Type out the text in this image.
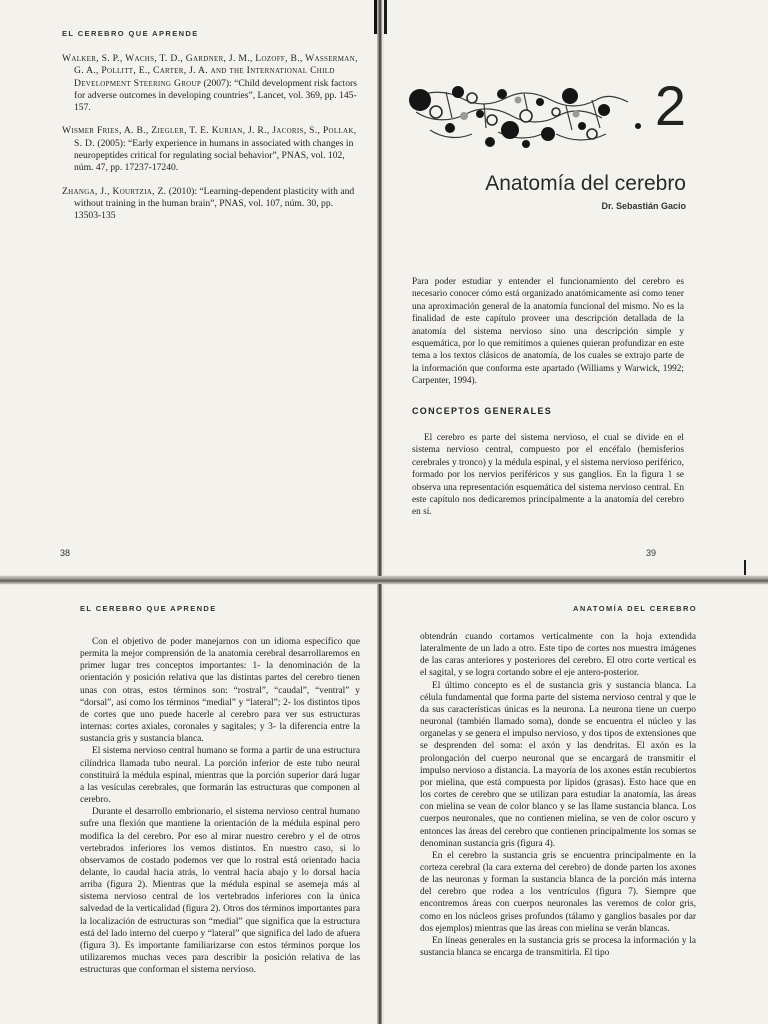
EL CEREBRO QUE APRENDE

Walker, S. P., Wachs, T. D., Gardner, J. M., Lozoff, B., Wasserman, G. A., Pollitt, E., Carter, J. A. and the International Child Development Steering Group (2007): “Child development risk factors for adverse outcomes in developing countries”, Lancet, vol. 369, pp. 145-157.

Wismer Fries, A. B., Ziegler, T. E. Kurian, J. R., Jacoris, S., Pollak, S. D. (2005): “Early experience in humans in associated with changes in neuropeptides critical for regulating social behavior”, PNAS, vol. 102, núm. 47, pp. 17237-17240.

Zhanga, J., Kourtzia, Z. (2010): “Learning-dependent plasticity with and without training in the human brain”, PNAS, vol. 107, núm. 30, pp. 13503-135

38	39
2
Anatomía del cerebro
Dr. Sebastián Gacio
Para poder estudiar y entender el funcionamiento del cerebro es necesario conocer cómo está organizado anatómicamente así como tener una aproximación general de la anatomía funcional del mismo. No es la finalidad de este capítulo proveer una descripción detallada de la anatomía del sistema nervioso sino una descripción simple y esquemática, por lo que remitimos a quienes quieran profundizar en este tema a los textos clásicos de anatomía, de los cuales se extrajo parte de la información que conforma este apartado (Williams y Warwick, 1992; Carpenter, 1994).
CONCEPTOS GENERALES
El cerebro es parte del sistema nervioso, el cual se divide en el sistema nervioso central, compuesto por el encéfalo (hemisferios cerebrales y tronco) y la médula espinal, y el sistema nervioso periférico, formado por los nervios periféricos y sus ganglios. En la figura 1 se observa una representación esquemática del sistema nervioso central. En este capítulo nos dedicaremos principalmente a la anatomía del cerebro en sí.
EL CEREBRO QUE APRENDE

Con el objetivo de poder manejarnos con un idioma específico que permita la mejor comprensión de la anatomía cerebral desarrollaremos en primer lugar tres conceptos importantes: 1- la denominación de la orientación y posición relativa que las distintas partes del cerebro tienen unas con otras, estos términos son: “rostral”, “caudal”, “ventral” y “dorsal”, así como los términos “medial” y “lateral”; 2- los distintos tipos de cortes que uno puede hacerle al cerebro para ver sus estructuras internas: cortes axiales, coronales y sagitales; y 3- la diferencia entre la sustancia gris y sustancia blanca.

El sistema nervioso central humano se forma a partir de una estructura cilíndrica llamada tubo neural. La porción inferior de este tubo neural constituirá la médula espinal, mientras que la porción superior dará lugar a las vesículas cerebrales, que formarán las estructuras que componen al cerebro.

Durante el desarrollo embrionario, el sistema nervioso central humano sufre una flexión que mantiene la orientación de la médula espinal pero modifica la del cerebro. Por eso al mirar nuestro cerebro y el de otros vertebrados inferiores los vemos distintos. En nuestro caso, si lo observamos de costado podemos ver que lo rostral está orientado hacia delante, lo caudal hacia atrás, lo ventral hacia abajo y lo dorsal hacia arriba (figura 2). Mientras que la médula espinal se asemeja más al sistema nervioso central de los vertebrados inferiores con la única salvedad de la verticalidad (figura 2). Otros dos términos importantes para la localización de estructuras son “medial” que significa que la estructura está del lado interno del cuerpo y “lateral” que significa del lado de afuera (figura 3). Es importante familiarizarse con estos términos porque los utilizaremos muchas veces para describir la posición relativa de las estructuras que conforman el sistema nervioso.

ANATOMÍA DEL CEREBRO

obtendrán cuando cortamos verticalmente con la hoja extendida lateralmente de un lado a otro. Este tipo de cortes nos muestra imágenes de las caras anteriores y posteriores del cerebro. El otro corte vertical es el sagital, y se logra cortando sobre el eje antero-posterior.

El último concepto es el de sustancia gris y sustancia blanca. La célula fundamental que forma parte del sistema nervioso central y que le da sus características únicas es la neurona. La neurona tiene un cuerpo neuronal (también llamado soma), donde se encuentra el núcleo y las organelas y se genera el impulso nervioso, y dos tipos de extensiones que se desprenden del soma: el axón y las dendritas. El axón es la prolongación del cuerpo neuronal que se encargará de transmitir el impulso nervioso a distancia. La mayoría de los axones están recubiertos por mielina, que está compuesta por lípidos (grasas). Esto hace que en los cortes de cerebro que se utilizan para estudiar la anatomía, las áreas con mielina se vean de color blanco y se las llame sustancia blanca. Los cuerpos neuronales, que no contienen mielina, se ven de color oscuro y entonces las áreas del cerebro que contienen principalmente los somas se denominan sustancia gris (figura 4).

En el cerebro la sustancia gris se encuentra principalmente en la corteza cerebral (la cara externa del cerebro) de donde parten los axones de las neuronas y forman la sustancia blanca de la porción más interna del cerebro que rodea a los ventrículos (figura 7). Siempre que encontremos áreas con cuerpos neuronales las veremos de color gris, como en los núcleos grises profundos (tálamo y ganglios basales por dar dos ejemplos) mientras que las áreas con mielina se verán blancas.

En líneas generales en la sustancia gris se procesa la información y la sustancia blanca se encarga de transmitirla. El tipo
